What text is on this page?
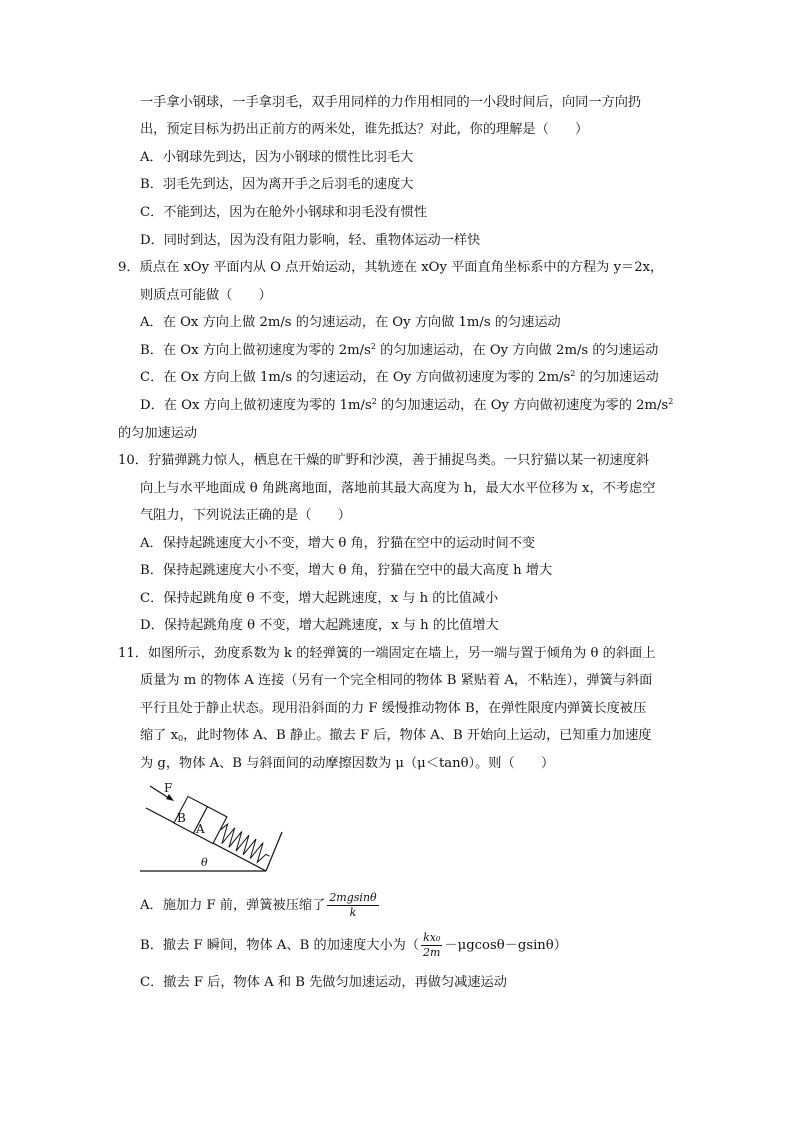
一手拿小钢球，一手拿羽毛，双手用同样的力作用相同的一小段时间后，向同一方向扔
出，预定目标为扔出正前方的两米处，谁先抵达？对此，你的理解是（　　）
A．小钢球先到达，因为小钢球的惯性比羽毛大
B．羽毛先到达，因为离开手之后羽毛的速度大
C．不能到达，因为在舱外小钢球和羽毛没有惯性
D．同时到达，因为没有阻力影响，轻、重物体运动一样快
9．质点在 xOy 平面内从 O 点开始运动，其轨迹在 xOy 平面直角坐标系中的方程为 y＝2x，
则质点可能做（　　）
A．在 Ox 方向上做 2m/s 的匀速运动，在 Oy 方向做 1m/s 的匀速运动
B．在 Ox 方向上做初速度为零的 $2m/s^2$ 的匀加速运动，在 Oy 方向做 2m/s 的匀速运动
C．在 Ox 方向上做 1m/s 的匀速运动，在 Oy 方向做初速度为零的 $2m/s^2$ 的匀加速运动
D．在 Ox 方向上做初速度为零的 $1m/s^2$ 的匀加速运动，在 Oy 方向做初速度为零的 $2m/s^2$
的匀加速运动
10．狞猫弹跳力惊人，栖息在干燥的旷野和沙漠，善于捕捉鸟类。一只狞猫以某一初速度斜
向上与水平地面成 θ 角跳离地面，落地前其最大高度为 h，最大水平位移为 x，不考虑空
气阻力，下列说法正确的是（　　）
A．保持起跳速度大小不变，增大 θ 角，狞猫在空中的运动时间不变
B．保持起跳速度大小不变，增大 θ 角，狞猫在空中的最大高度 h 增大
C．保持起跳角度 θ 不变，增大起跳速度，x 与 h 的比值减小
D．保持起跳角度 θ 不变，增大起跳速度，x 与 h 的比值增大
11．如图所示，劲度系数为 k 的轻弹簧的一端固定在墙上，另一端与置于倾角为 θ 的斜面上
质量为 m 的物体 A 连接（另有一个完全相同的物体 B 紧贴着 A，不粘连），弹簧与斜面
平行且处于静止状态。现用沿斜面的力 F 缓慢推动物体 B，在弹性限度内弹簧长度被压
缩了 $x_0$，此时物体 A、B 静止。撤去 F 后，物体 A、B 开始向上运动，已知重力加速度
为 g，物体 A、B 与斜面间的动摩擦因数为 μ（μ＜tanθ）。则（　　）
F
B
A
θ
A．施加力 F 前，弹簧被压缩了 $\frac{2mgsin\theta}{k}$
B．撤去 F 瞬间，物体 A、B 的加速度大小为（ $\frac{\text{kx₀}}{2m} -\mu gcos\theta-gsin\theta$）
C．撤去 F 后，物体 A 和 B 先做匀加速运动，再做匀减速运动
